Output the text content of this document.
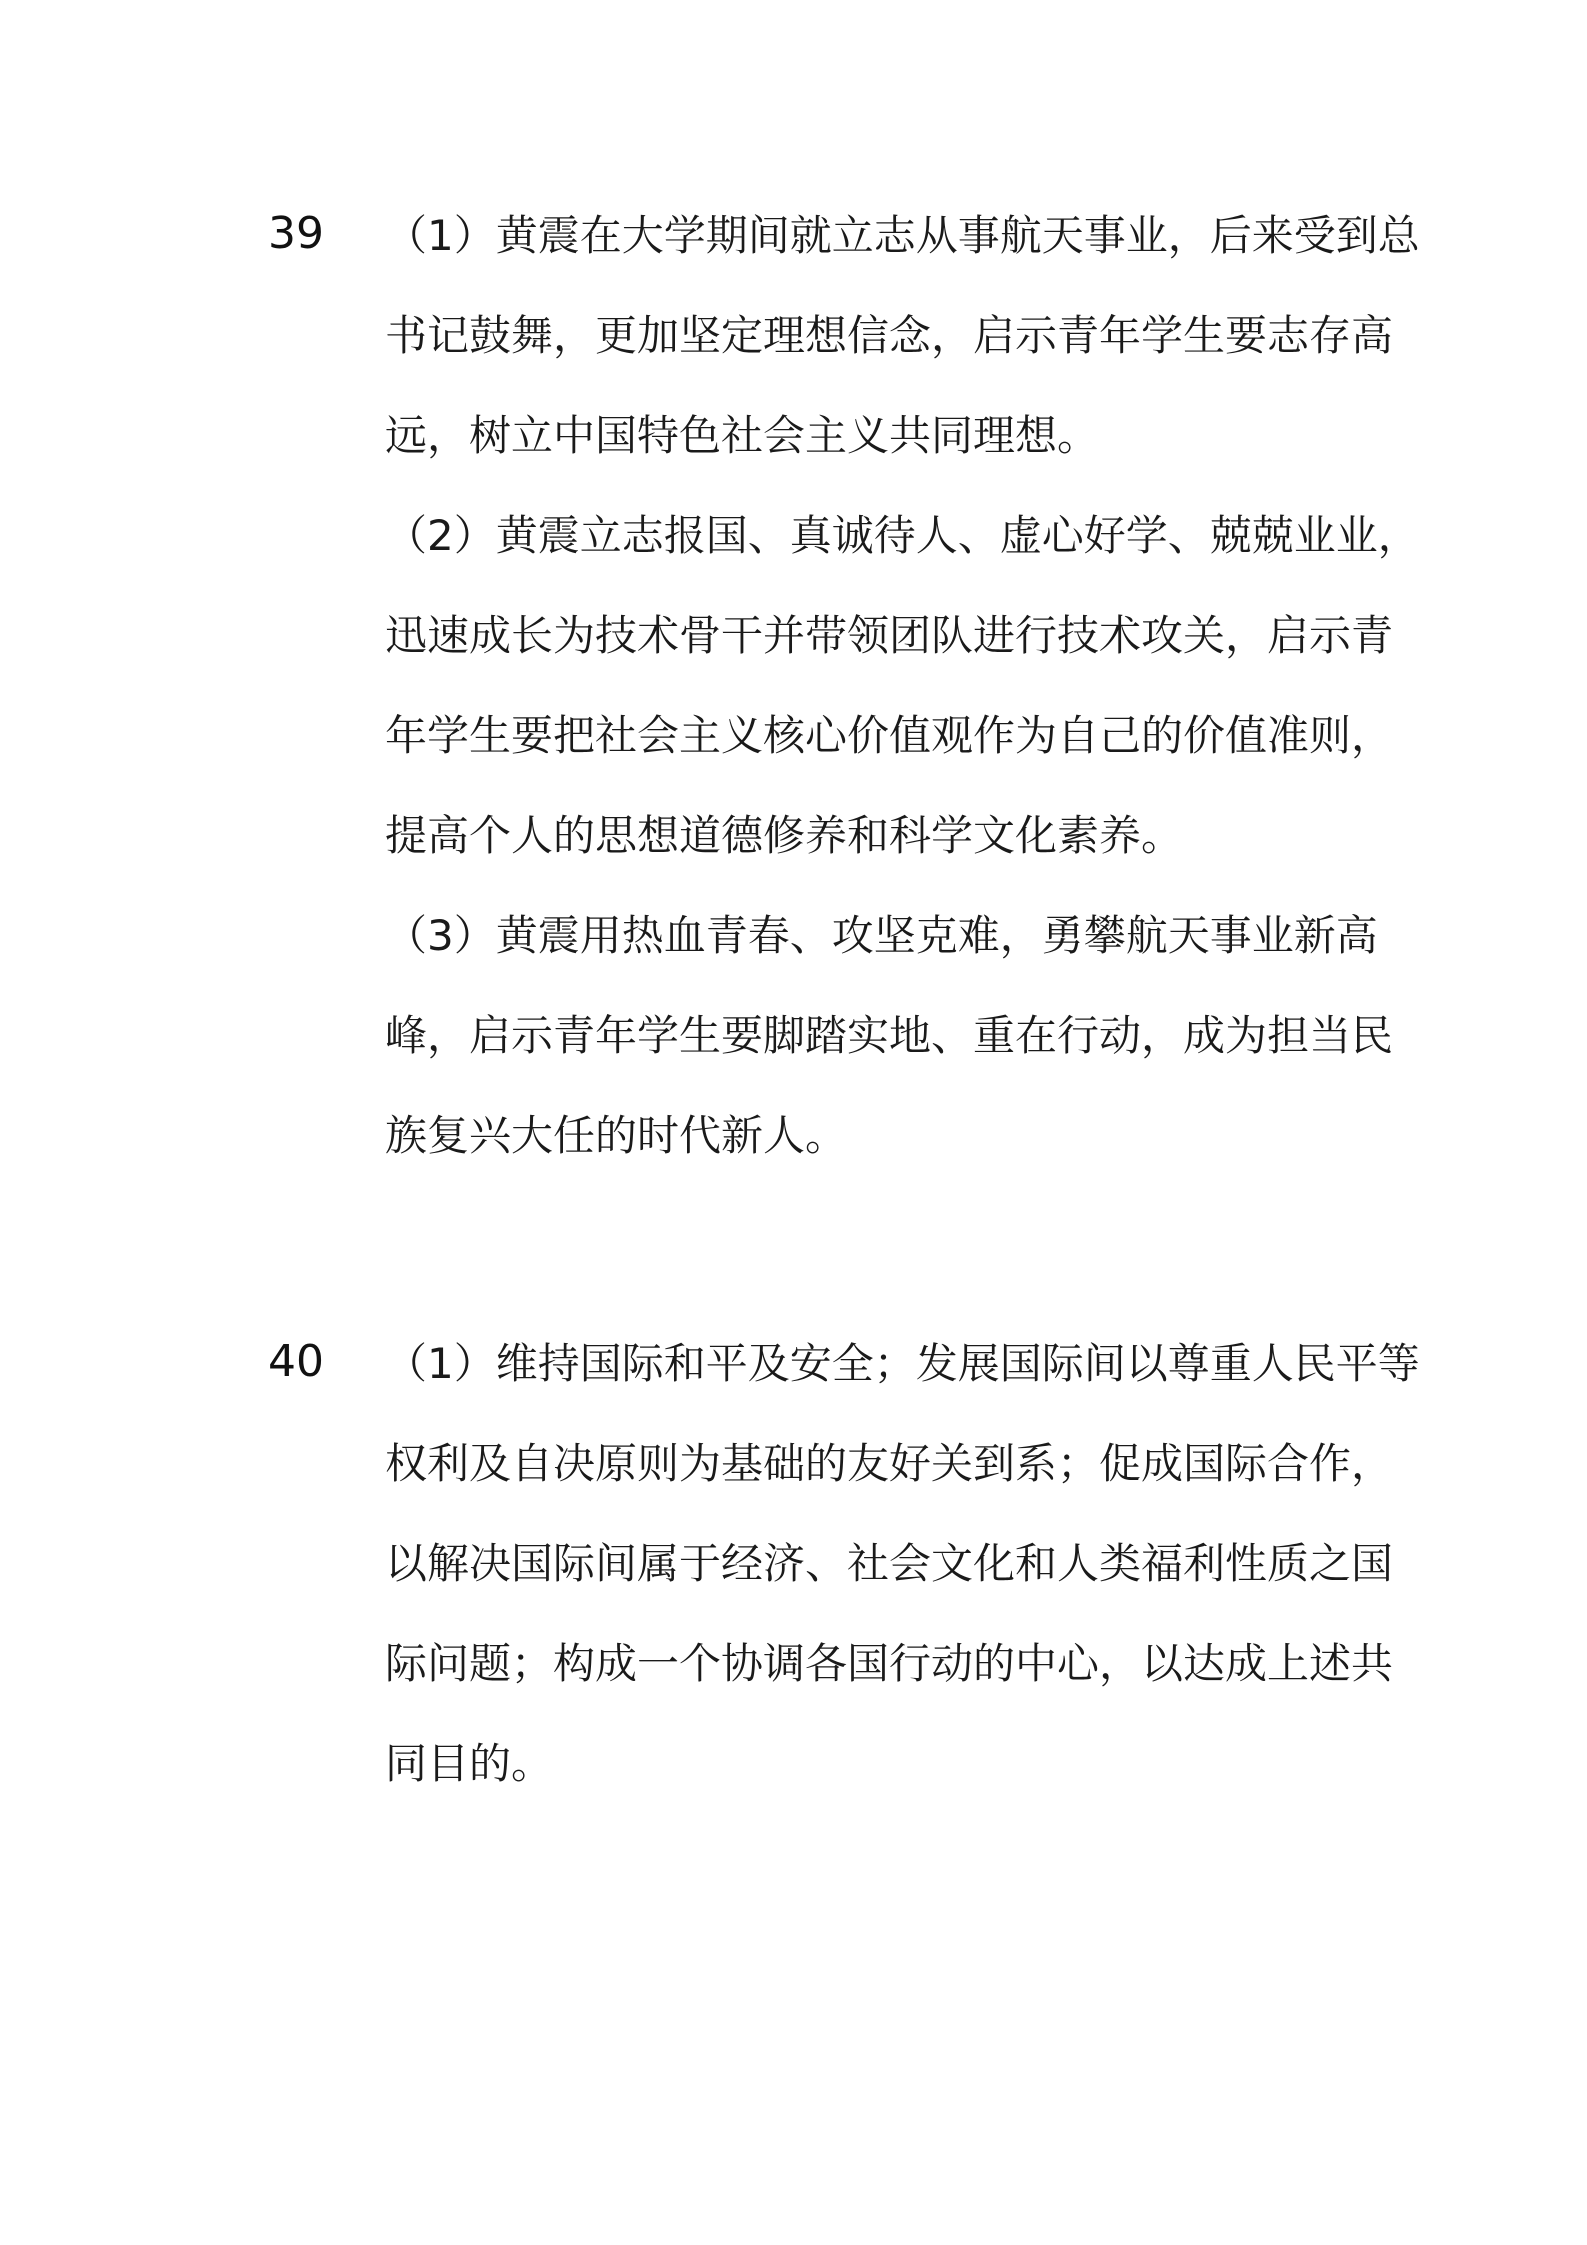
39 （1）黄震在大学期间就立志从事航天事业，后来受到总
书记鼓舞，更加坚定理想信念，启示青年学生要志存高
远，树立中国特色社会主义共同理想。
（2）黄震立志报国、真诚待人、虚心好学、兢兢业业，
迅速成长为技术骨干并带领团队进行技术攻关，启示青
年学生要把社会主义核心价值观作为自己的价值准则，
提高个人的思想道德修养和科学文化素养。
（3）黄震用热血青春、攻坚克难，勇攀航天事业新高
峰，启示青年学生要脚踏实地、重在行动，成为担当民
族复兴大任的时代新人。
40 （1）维持国际和平及安全；发展国际间以尊重人民平等
权利及自决原则为基础的友好关到系；促成国际合作，
以解决国际间属于经济、社会文化和人类福利性质之国
际问题；构成一个协调各国行动的中心，以达成上述共
同目的。
